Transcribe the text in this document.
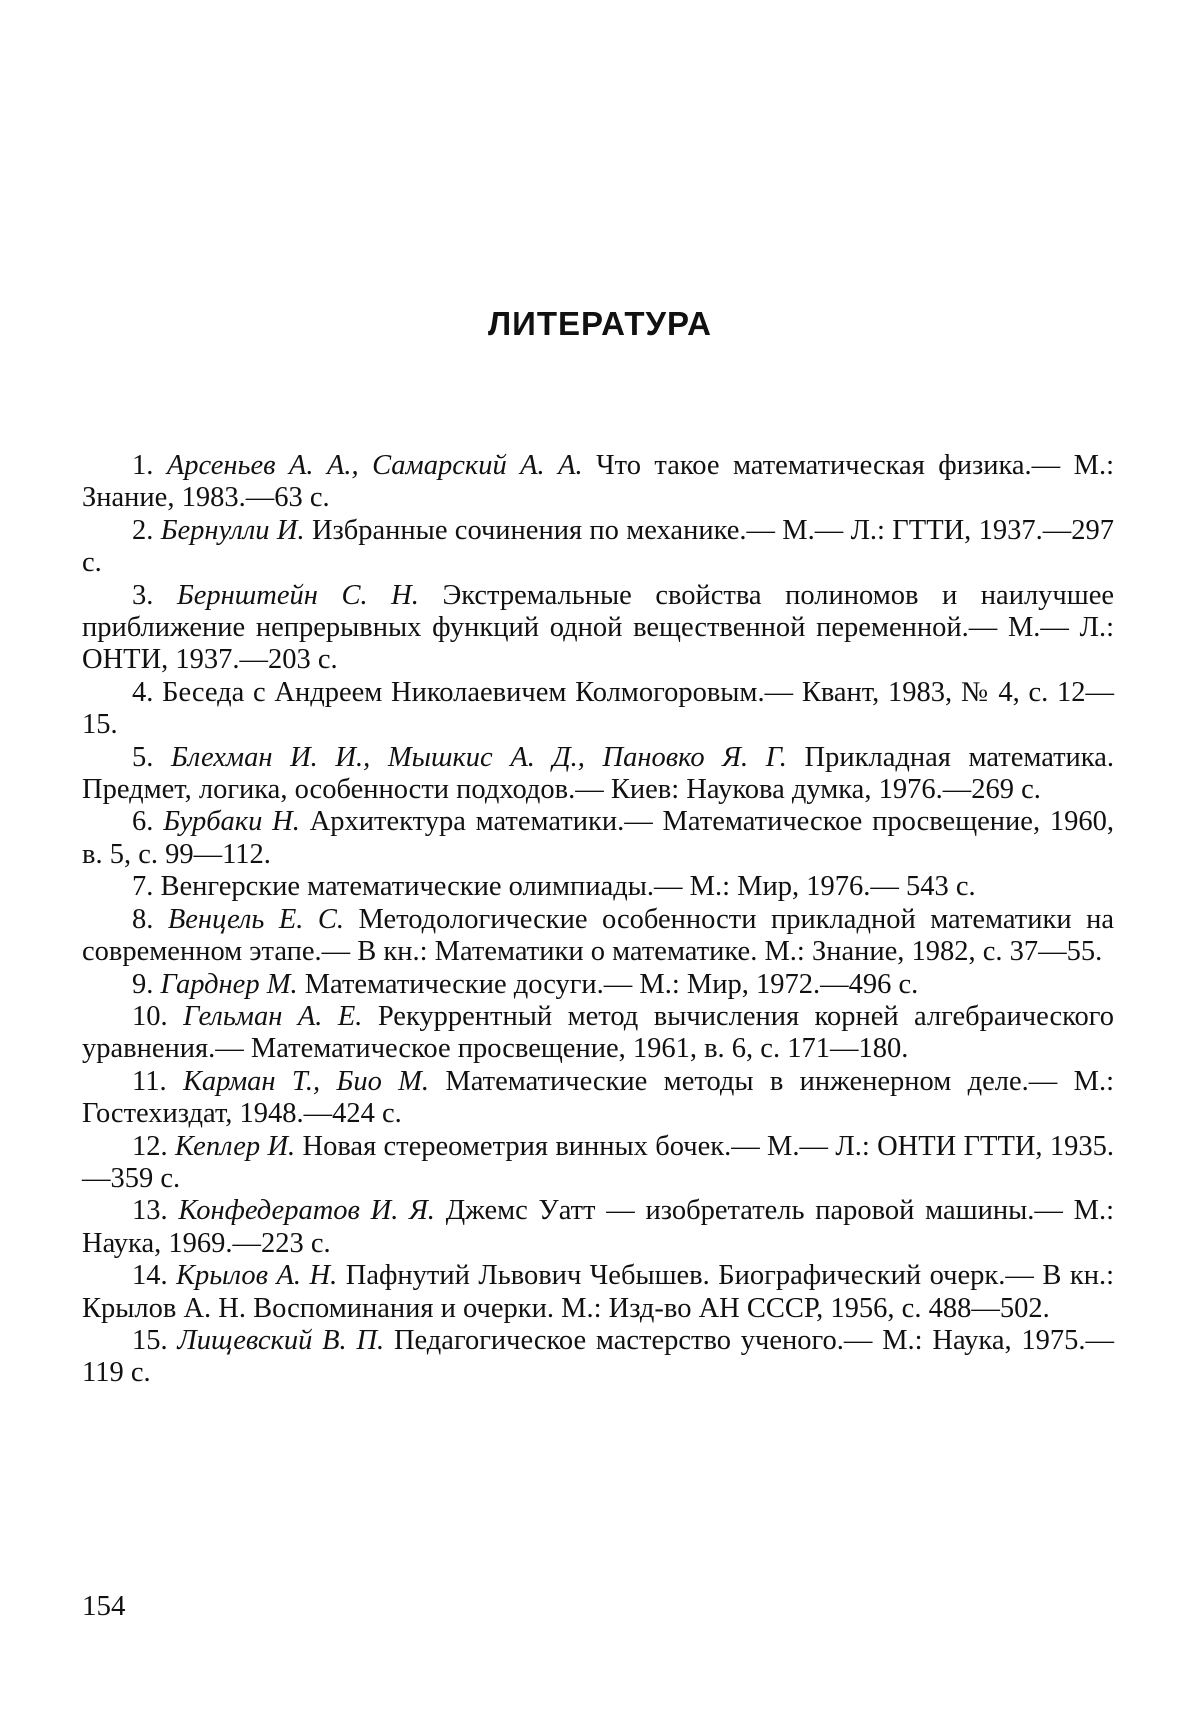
ЛИТЕРАТУРА

1. Арсеньев А. А., Самарский А. А. Что такое математическая физика.— М.: Знание, 1983.—63 с.

2. Бернулли И. Избранные сочинения по механике.— М.— Л.: ГТТИ, 1937.—297 с.

3. Бернштейн С. Н. Экстремальные свойства полиномов и наилучшее приближение непрерывных функций одной вещественной переменной.— М.— Л.: ОНТИ, 1937.—203 с.

4. Беседа с Андреем Николаевичем Колмогоровым.— Квант, 1983, № 4, с. 12—15.

5. Блехман И. И., Мышкис А. Д., Пановко Я. Г. Прикладная математика. Предмет, логика, особенности подходов.— Киев: Наукова думка, 1976.—269 с.

6. Бурбаки Н. Архитектура математики.— Математическое просвещение, 1960, в. 5, с. 99—112.

7. Венгерские математические олимпиады.— М.: Мир, 1976.— 543 с.

8. Венцель Е. С. Методологические особенности прикладной математики на современном этапе.— В кн.: Математики о математике. М.: Знание, 1982, с. 37—55.

9. Гарднер М. Математические досуги.— М.: Мир, 1972.—496 с.

10. Гельман А. Е. Рекуррентный метод вычисления корней алгебраического уравнения.— Математическое просвещение, 1961, в. 6, с. 171—180.

11. Карман Т., Био М. Математические методы в инженерном деле.— М.: Гостехиздат, 1948.—424 с.

12. Кеплер И. Новая стереометрия винных бочек.— М.— Л.: ОНТИ ГТТИ, 1935.—359 с.

13. Конфедератов И. Я. Джемс Уатт — изобретатель паровой машины.— М.: Наука, 1969.—223 с.

14. Крылов А. Н. Пафнутий Львович Чебышев. Биографический очерк.— В кн.: Крылов А. Н. Воспоминания и очерки. М.: Изд-во АН СССР, 1956, с. 488—502.

15. Лищевский В. П. Педагогическое мастерство ученого.— М.: Наука, 1975.—119 с.

154
